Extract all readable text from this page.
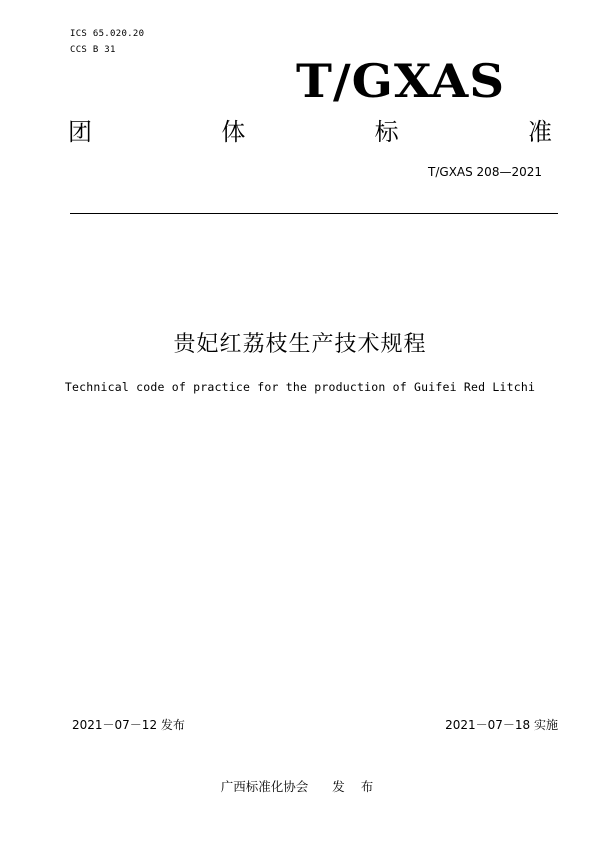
ICS 65.020.20
CCS B 31
T/GXAS
团	体	标	准
T/GXAS 208—2021
贵妃红荔枝生产技术规程
Technical code of practice for the production of Guifei Red Litchi
2021－07－12 发布	2021－07－18 实施
广西标准化协会 发 布
